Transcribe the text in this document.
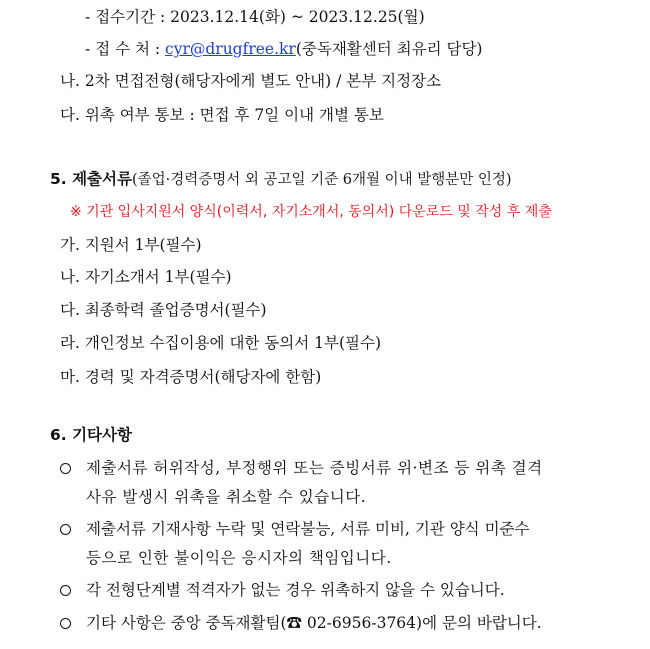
- 접수기간 : 2023.12.14(화) ~ 2023.12.25(월)
- 접 수 처 : cyr@drugfree.kr(중독재활센터 최유리 담당)
나. 2차 면접전형(해당자에게 별도 안내) / 본부 지정장소
다. 위촉 여부 통보 : 면접 후 7일 이내 개별 통보
5. 제출서류(졸업·경력증명서 외 공고일 기준 6개월 이내 발행분만 인정)
※ 기관 입사지원서 양식(이력서, 자기소개서, 동의서) 다운로드 및 작성 후 제출
가. 지원서 1부(필수)
나. 자기소개서 1부(필수)
다. 최종학력 졸업증명서(필수)
라. 개인정보 수집이용에 대한 동의서 1부(필수)
마. 경력 및 자격증명서(해당자에 한함)
6. 기타사항
제출서류 허위작성, 부정행위 또는 증빙서류 위·변조 등 위촉 결격
사유 발생시 위촉을 취소할 수 있습니다.
제출서류 기재사항 누락 및 연락불능, 서류 미비, 기관 양식 미준수
등으로 인한 불이익은 응시자의 책임입니다.
각 전형단계별 적격자가 없는 경우 위촉하지 않을 수 있습니다.
기타 사항은 중앙 중독재활팀(☎ 02-6956-3764)에 문의 바랍니다.
